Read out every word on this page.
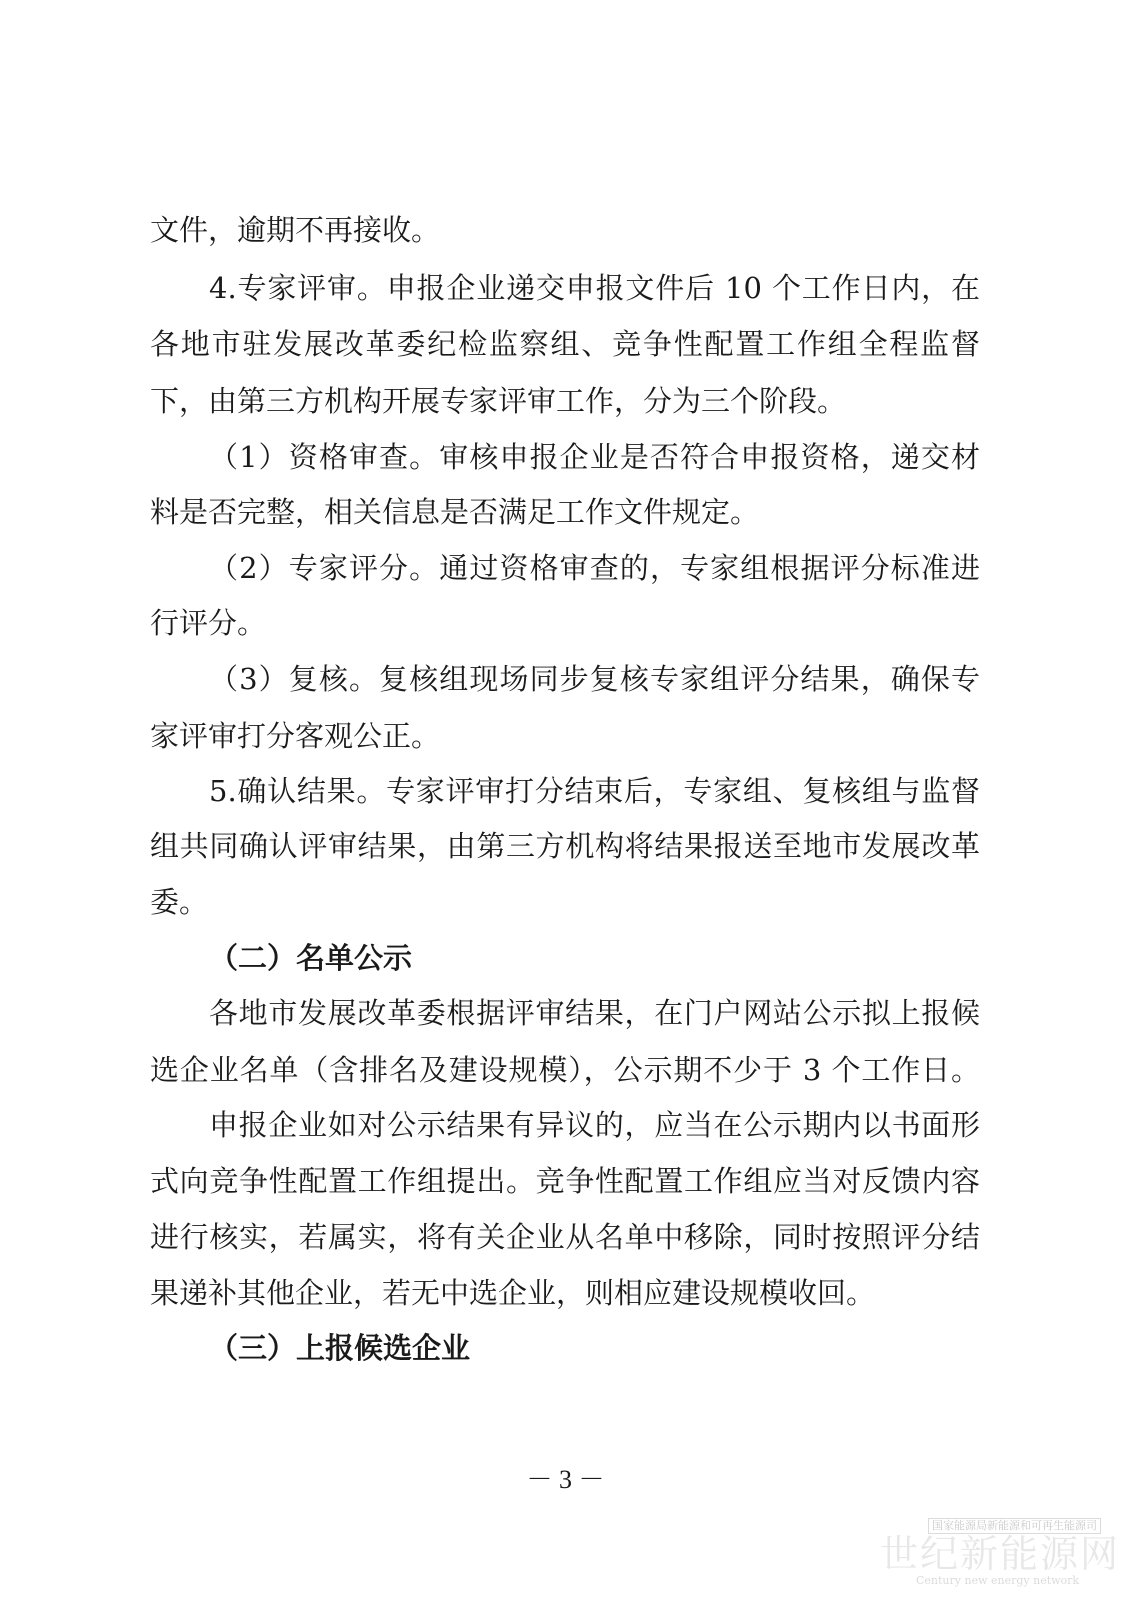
文件，逾期不再接收。
4.专家评审。申报企业递交申报文件后 10 个工作日内，在
各地市驻发展改革委纪检监察组、竞争性配置工作组全程监督
下，由第三方机构开展专家评审工作，分为三个阶段。
（1）资格审查。审核申报企业是否符合申报资格，递交材
料是否完整，相关信息是否满足工作文件规定。
（2）专家评分。通过资格审查的，专家组根据评分标准进
行评分。
（3）复核。复核组现场同步复核专家组评分结果，确保专
家评审打分客观公正。
5.确认结果。专家评审打分结束后，专家组、复核组与监督
组共同确认评审结果，由第三方机构将结果报送至地市发展改革
委。
（二）名单公示
各地市发展改革委根据评审结果，在门户网站公示拟上报候
选企业名单（含排名及建设规模），公示期不少于 3 个工作日。
申报企业如对公示结果有异议的，应当在公示期内以书面形
式向竞争性配置工作组提出。竞争性配置工作组应当对反馈内容
进行核实，若属实，将有关企业从名单中移除，同时按照评分结
果递补其他企业，若无中选企业，则相应建设规模收回。
（三）上报候选企业
－ 3 －
国家能源局新能源和可再生能源司
世纪新能源网
Century new energy network
